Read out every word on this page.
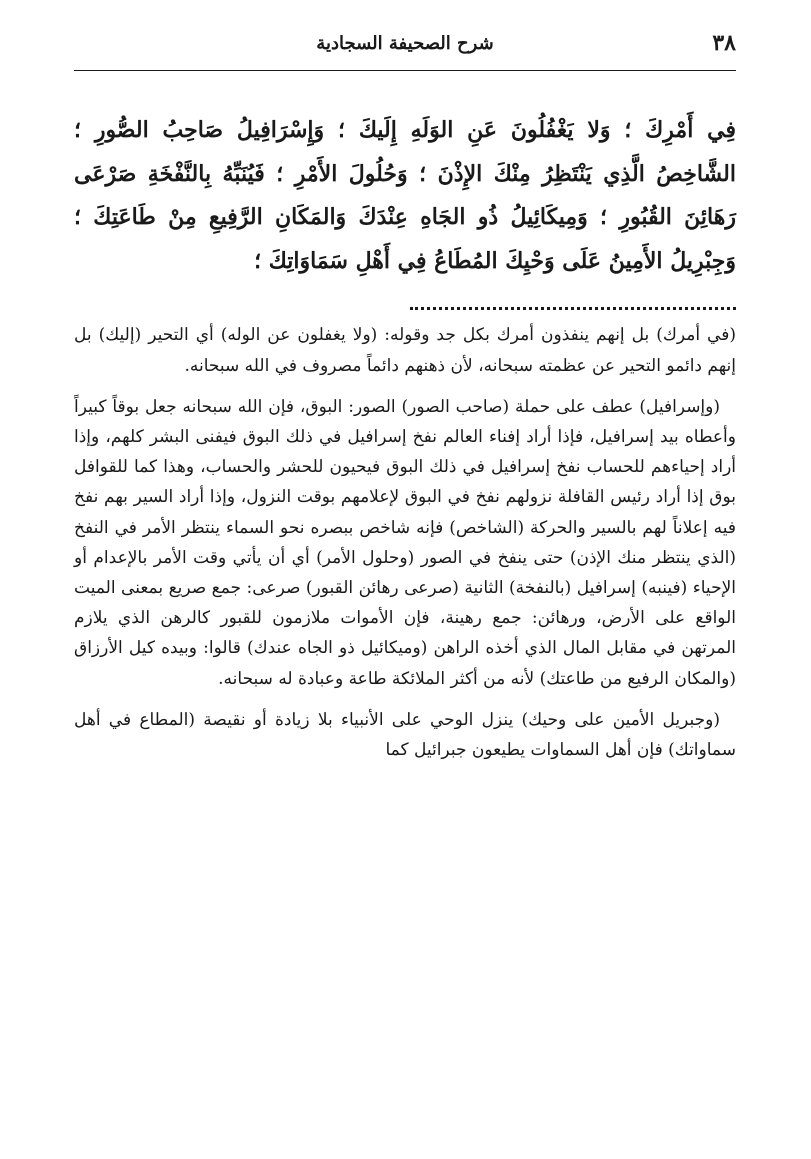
٣٨
شرح الصحيفة السجادية
فِي أَمْرِكَ ؛ وَلا يَغْفُلُونَ عَنِ الوَلَهِ إِلَيكَ ؛ وَإِسْرَافِيلُ صَاحِبُ الصُّورِ ؛ الشَّاخِصُ الَّذِي يَنْتَظِرُ مِنْكَ الإِذْنَ ؛ وَحُلُولَ الأَمْرِ ؛ فَيُنَبِّهُ بِالنَّفْخَةِ صَرْعَى رَهَائِنَ القُبُورِ ؛ وَمِيكَائِيلُ ذُو الجَاهِ عِنْدَكَ وَالمَكَانِ الرَّفِيعِ مِنْ طَاعَتِكَ ؛ وَجِبْرِيلُ الأَمِينُ عَلَى وَحْيِكَ المُطَاعُ فِي أَهْلِ سَمَاوَاتِكَ ؛

(في أمرك) بل إنهم ينفذون أمرك بكل جد وقوله: (ولا يغفلون عن الوله) أي التحير (إليك) بل إنهم دائمو التحير عن عظمته سبحانه، لأن ذهنهم دائماً مصروف في الله سبحانه.

(وإسرافيل) عطف على حملة (صاحب الصور) الصور: البوق، فإن الله سبحانه جعل بوقاً كبيراً وأعطاه بيد إسرافيل، فإذا أراد إفناء العالم نفخ إسرافيل في ذلك البوق فيفنى البشر كلهم، وإذا أراد إحياءهم للحساب نفخ إسرافيل في ذلك البوق فيحيون للحشر والحساب، وهذا كما للقوافل بوق إذا أراد رئيس القافلة نزولهم نفخ في البوق لإعلامهم بوقت النزول، وإذا أراد السير بهم نفخ فيه إعلاناً لهم بالسير والحركة (الشاخص) فإنه شاخص ببصره نحو السماء ينتظر الأمر في النفخ (الذي ينتظر منك الإذن) حتى ينفخ في الصور (وحلول الأمر) أي أن يأتي وقت الأمر بالإعدام أو الإحياء (فينبه) إسرافيل (بالنفخة) الثانية (صرعى رهائن القبور) صرعى: جمع صريع بمعنى الميت الواقع على الأرض، ورهائن: جمع رهينة، فإن الأموات ملازمون للقبور كالرهن الذي يلازم المرتهن في مقابل المال الذي أخذه الراهن (وميكائيل ذو الجاه عندك) قالوا: وبيده كيل الأرزاق (والمكان الرفيع من طاعتك) لأنه من أكثر الملائكة طاعة وعبادة له سبحانه.

(وجبريل الأمين على وحيك) ينزل الوحي على الأنبياء بلا زيادة أو نقيصة (المطاع في أهل سماواتك) فإن أهل السماوات يطيعون جبرائيل كما
